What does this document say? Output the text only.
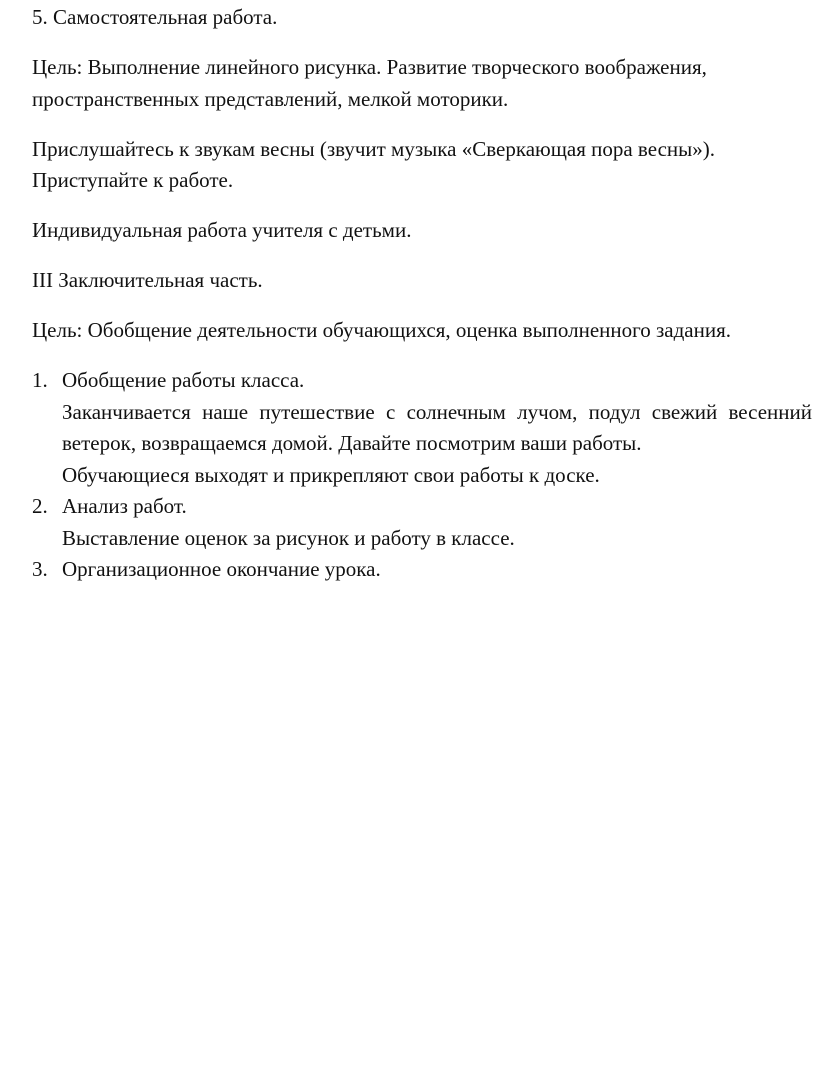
5. Самостоятельная работа.

Цель: Выполнение линейного рисунка. Развитие творческого воображения, пространственных представлений, мелкой моторики.

Прислушайтесь к звукам весны (звучит музыка «Сверкающая пора весны»). Приступайте к работе.

Индивидуальная работа учителя с детьми.

III Заключительная часть.

Цель: Обобщение деятельности обучающихся, оценка выполненного задания.

1. Обобщение работы класса.
Заканчивается наше путешествие с солнечным лучом, подул свежий весенний ветерок, возвращаемся домой. Давайте посмотрим ваши работы.
Обучающиеся выходят и прикрепляют свои работы к доске.
2. Анализ работ.
Выставление оценок за рисунок и работу в классе.
3. Организационное окончание урока.
